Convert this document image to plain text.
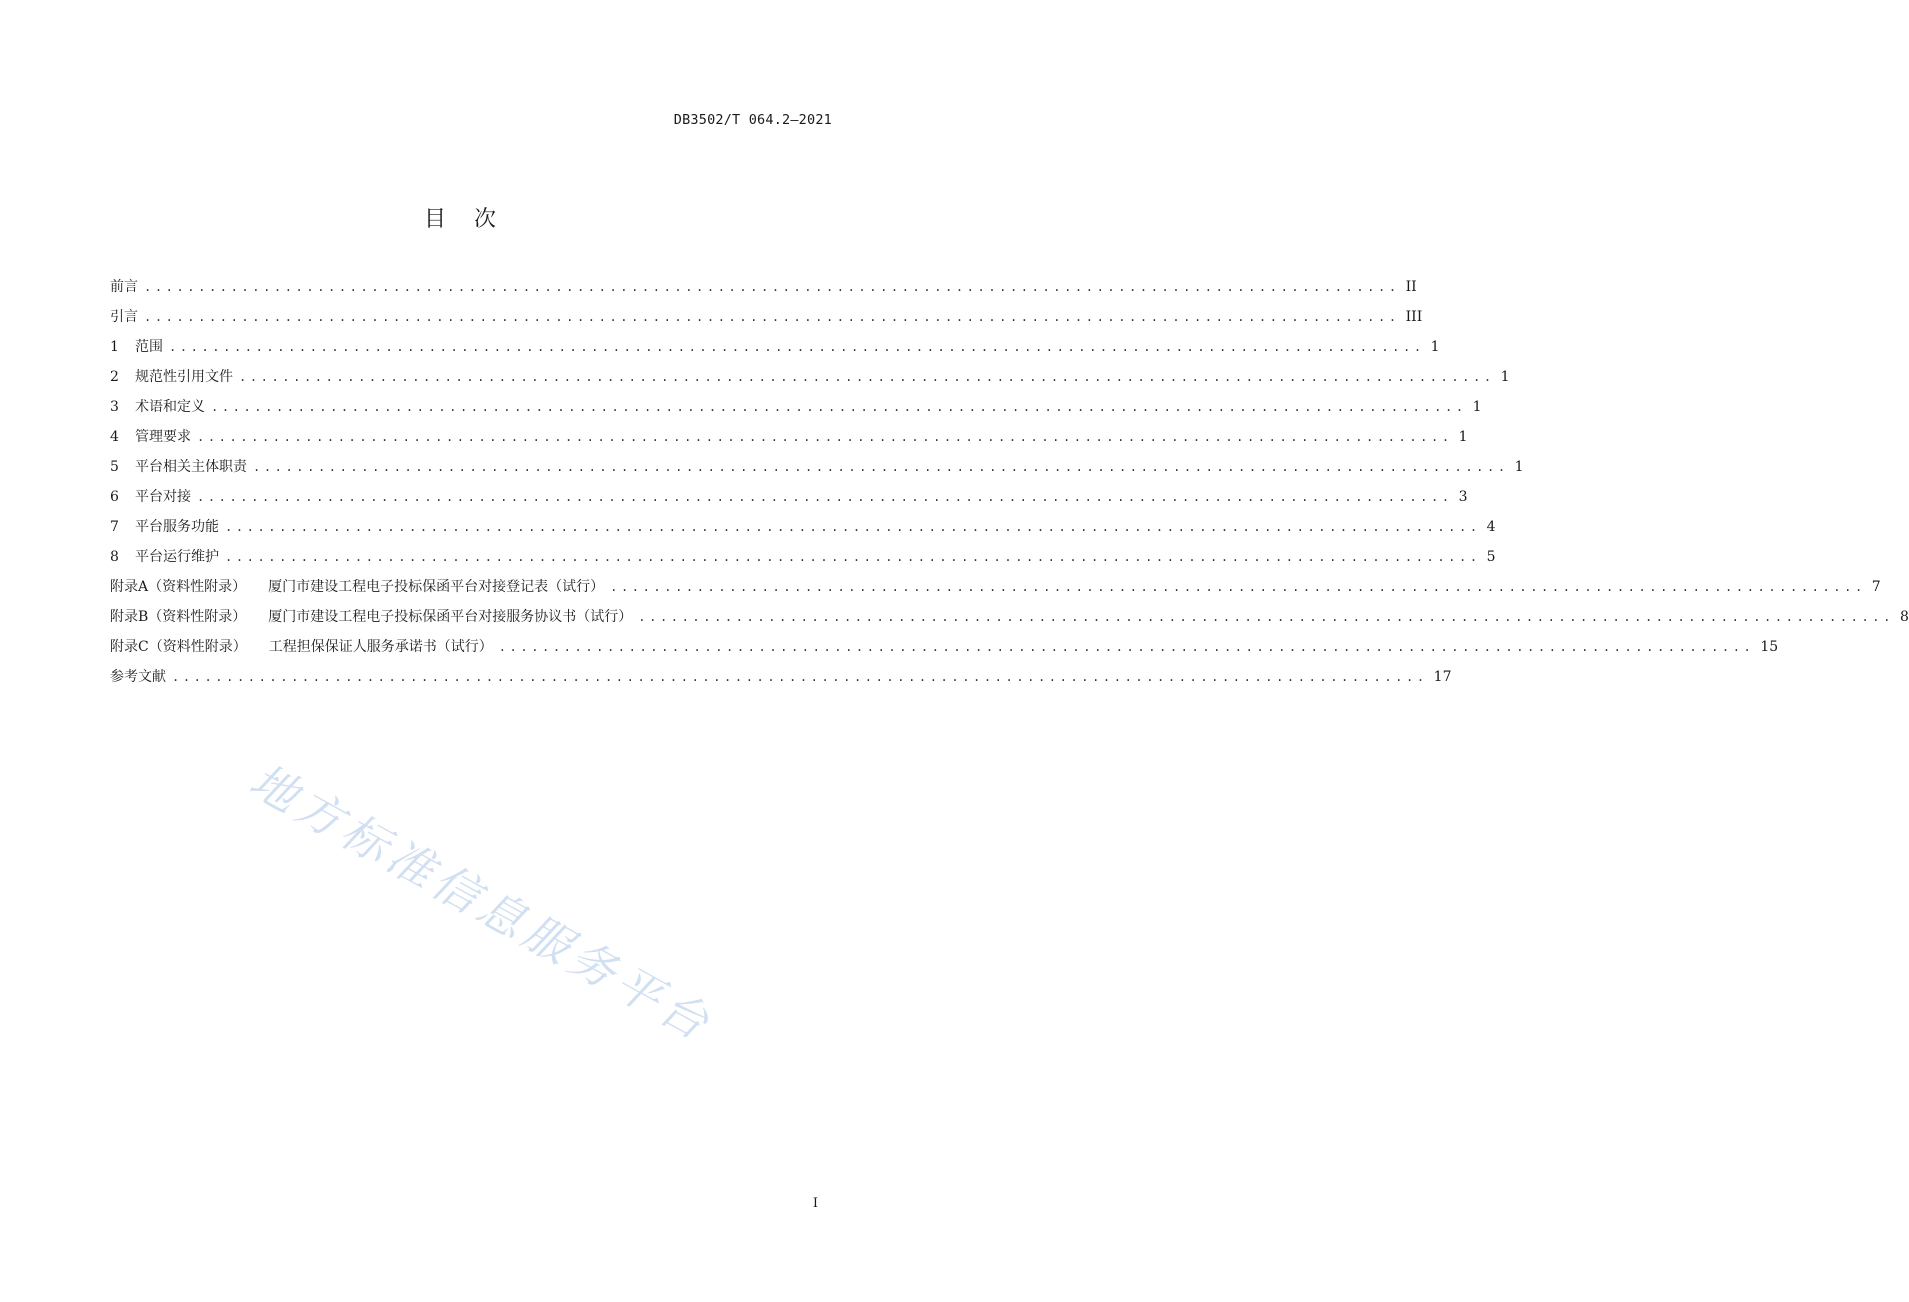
DB3502/T 064.2—2021
目 次
前言 .................................................................................................................... II
引言 .................................................................................................................... III
1	范围 .................................................................................................................... 1
2	规范性引用文件 .................................................................................................................... 1
3	术语和定义 .................................................................................................................... 1
4	管理要求 .................................................................................................................... 1
5	平台相关主体职责 .................................................................................................................... 1
6	平台对接 .................................................................................................................... 3
7	平台服务功能 .................................................................................................................... 4
8	平台运行维护 .................................................................................................................... 5
附录A（资料性附录） 厦门市建设工程电子投标保函平台对接登记表（试行） .................................................................................................................... 7
附录B（资料性附录） 厦门市建设工程电子投标保函平台对接服务协议书（试行） .................................................................................................................... 8
附录C（资料性附录） 工程担保保证人服务承诺书（试行） .................................................................................................................... 15
参考文献 .................................................................................................................... 17
地方标准信息服务平台
I
